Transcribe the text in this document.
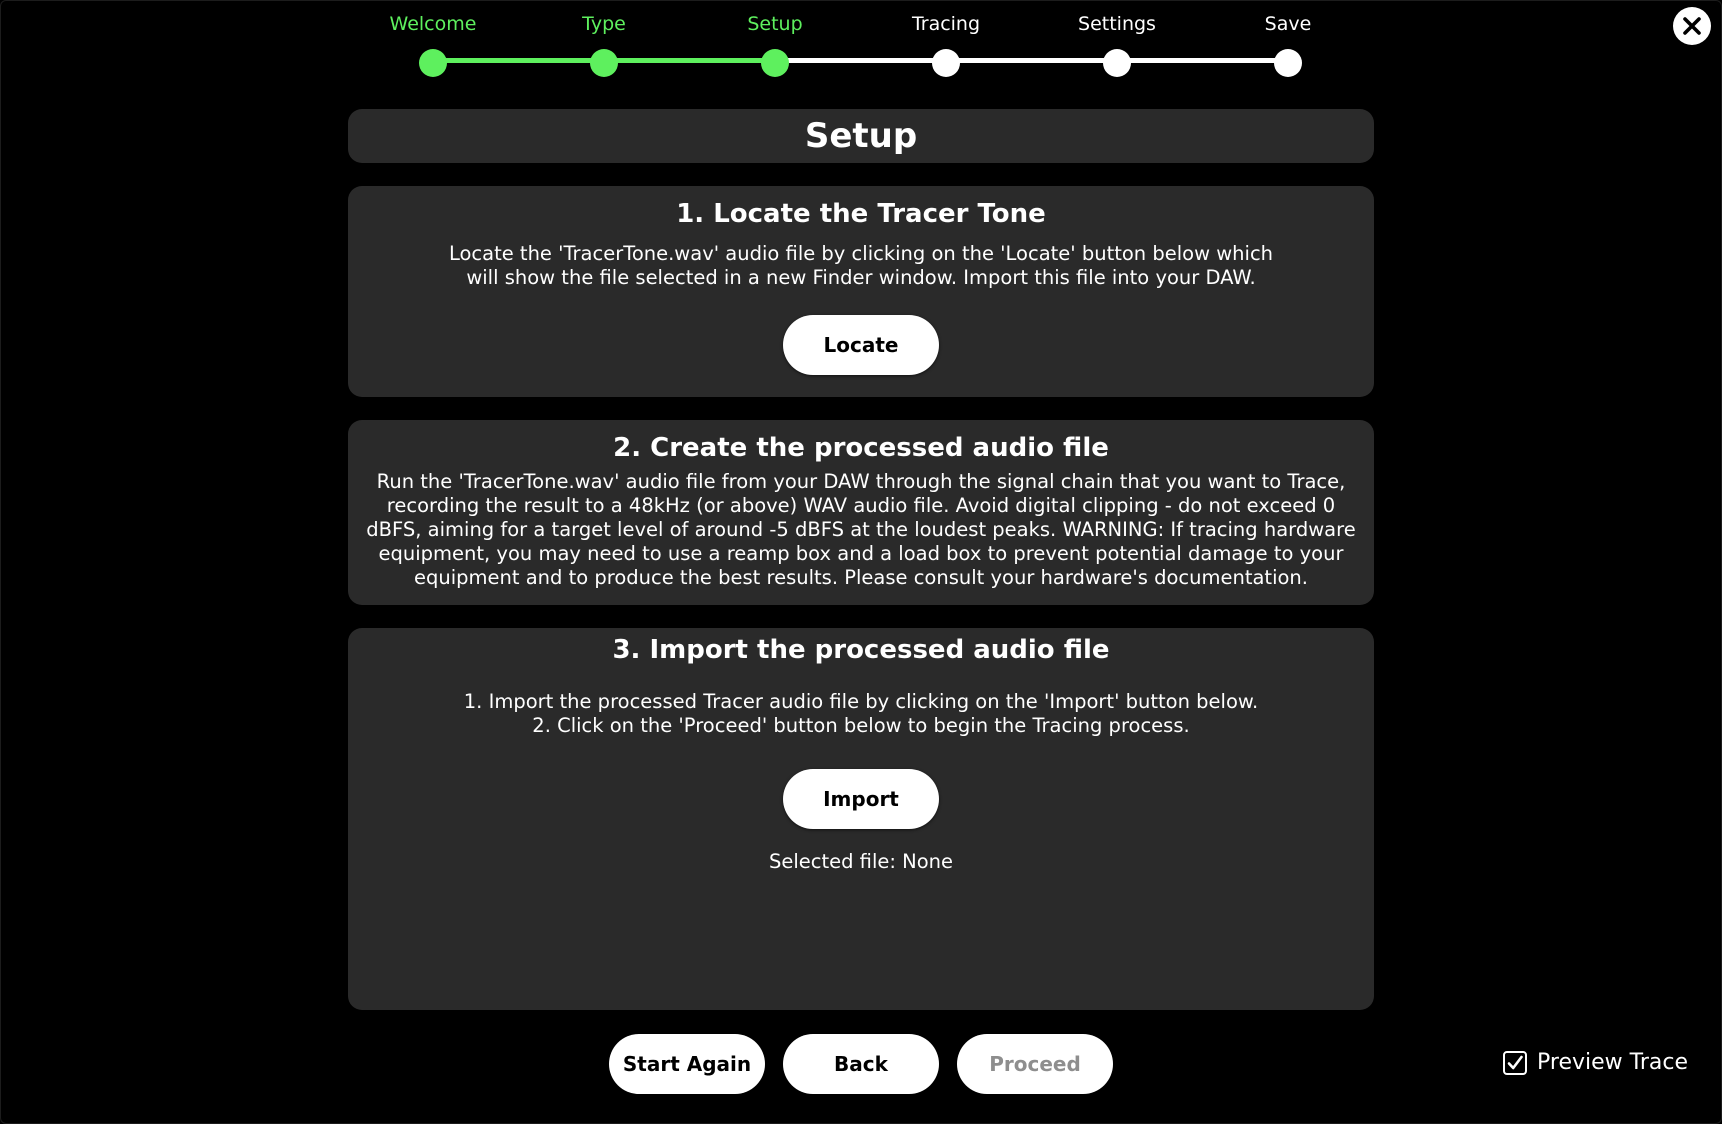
Welcome	Type	Setup	Tracing	Settings	Save
Setup
1. Locate the Tracer Tone

Locate the 'TracerTone.wav' audio file by clicking on the 'Locate' button below which
will show the file selected in a new Finder window. Import this file into your DAW.

Locate
2. Create the processed audio file

Run the 'TracerTone.wav' audio file from your DAW through the signal chain that you want to Trace,
recording the result to a 48kHz (or above) WAV audio file. Avoid digital clipping - do not exceed 0
dBFS, aiming for a target level of around -5 dBFS at the loudest peaks. WARNING: If tracing hardware
equipment, you may need to use a reamp box and a load box to prevent potential damage to your
equipment and to produce the best results. Please consult your hardware's documentation.

3. Import the processed audio file

1. Import the processed Tracer audio file by clicking on the 'Import' button below.
2. Click on the 'Proceed' button below to begin the Tracing process.

Import
Selected file: None
Start Again	Back	Proceed	Preview Trace
